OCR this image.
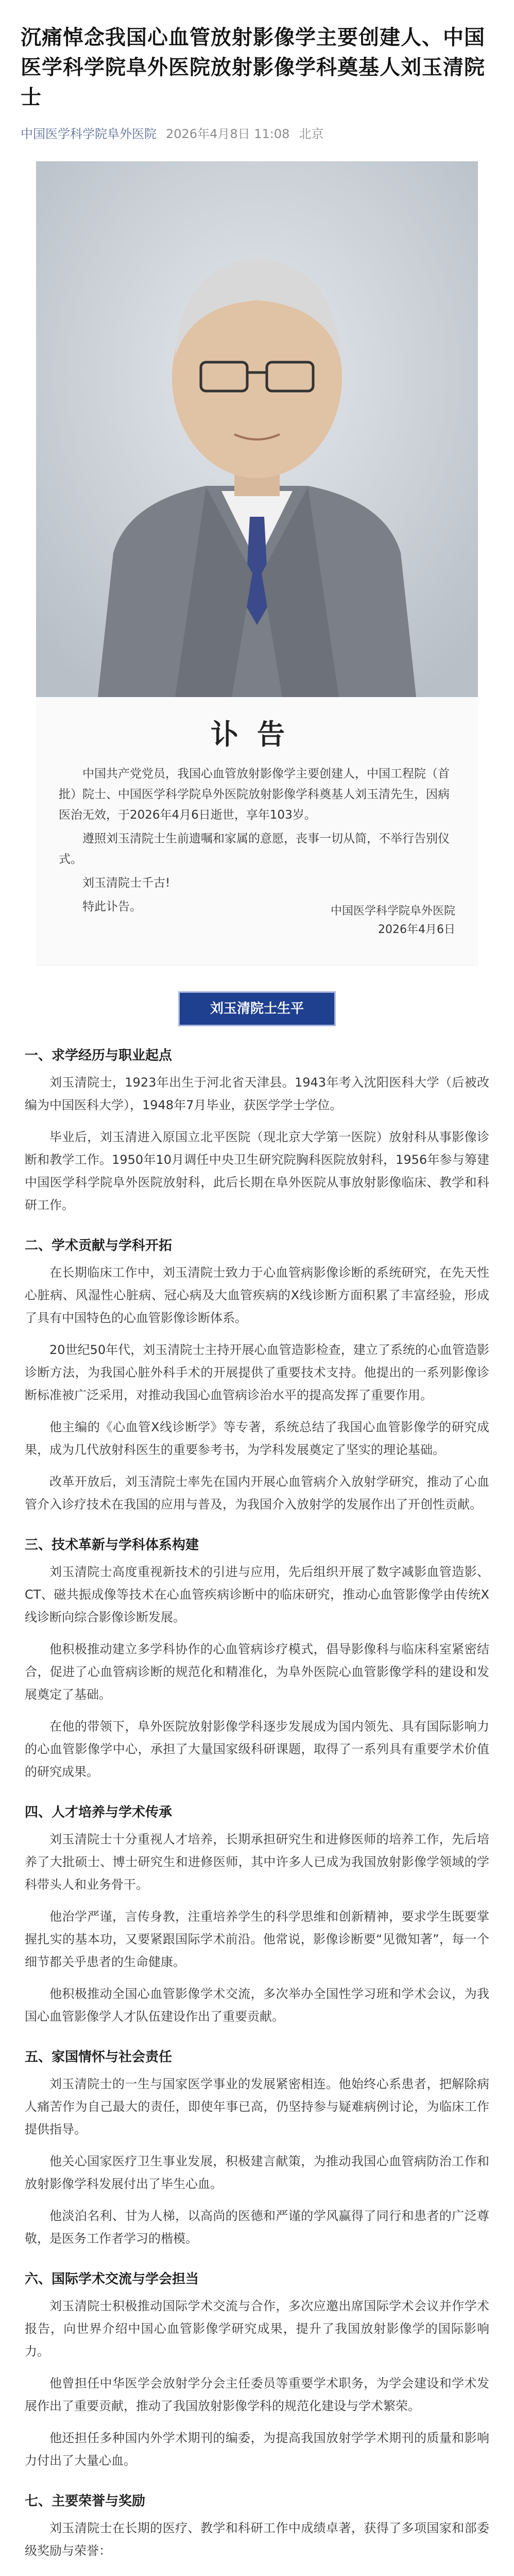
沉痛悼念我国心血管放射影像学主要创建人、中国医学科学院阜外医院放射影像学科奠基人刘玉清院士
中国医学科学院阜外医院 2026年4月8日 11:08 北京
讣告

中国共产党党员，我国心血管放射影像学主要创建人，中国工程院（首批）院士、中国医学科学院阜外医院放射影像学科奠基人刘玉清先生，因病医治无效，于2026年4月6日逝世，享年103岁。

遵照刘玉清院士生前遗嘱和家属的意愿，丧事一切从简，不举行告别仪式。

刘玉清院士千古!

特此讣告。	中国医学科学院阜外医院
2026年4月6日
刘玉清院士生平
一、求学经历与职业起点

刘玉清院士，1923年出生于河北省天津县。1943年考入沈阳医科大学（后被改编为中国医科大学），1948年7月毕业，获医学学士学位。

毕业后，刘玉清进入原国立北平医院（现北京大学第一医院）放射科从事影像诊断和教学工作。1950年10月调任中央卫生研究院胸科医院放射科，1956年参与筹建中国医学科学院阜外医院放射科，此后长期在阜外医院从事放射影像临床、教学和科研工作。

二、学术贡献与学科开拓

在长期临床工作中，刘玉清院士致力于心血管病影像诊断的系统研究，在先天性心脏病、风湿性心脏病、冠心病及大血管疾病的X线诊断方面积累了丰富经验，形成了具有中国特色的心血管影像诊断体系。

20世纪50年代，刘玉清院士主持开展心血管造影检查，建立了系统的心血管造影诊断方法，为我国心脏外科手术的开展提供了重要技术支持。他提出的一系列影像诊断标准被广泛采用，对推动我国心血管病诊治水平的提高发挥了重要作用。

他主编的《心血管X线诊断学》等专著，系统总结了我国心血管影像学的研究成果，成为几代放射科医生的重要参考书，为学科发展奠定了坚实的理论基础。

改革开放后，刘玉清院士率先在国内开展心血管病介入放射学研究，推动了心血管介入诊疗技术在我国的应用与普及，为我国介入放射学的发展作出了开创性贡献。

三、技术革新与学科体系构建

刘玉清院士高度重视新技术的引进与应用，先后组织开展了数字减影血管造影、CT、磁共振成像等技术在心血管疾病诊断中的临床研究，推动心血管影像学由传统X线诊断向综合影像诊断发展。

他积极推动建立多学科协作的心血管病诊疗模式，倡导影像科与临床科室紧密结合，促进了心血管病诊断的规范化和精准化，为阜外医院心血管影像学科的建设和发展奠定了基础。

在他的带领下，阜外医院放射影像学科逐步发展成为国内领先、具有国际影响力的心血管影像学中心，承担了大量国家级科研课题，取得了一系列具有重要学术价值的研究成果。

四、人才培养与学术传承

刘玉清院士十分重视人才培养，长期承担研究生和进修医师的培养工作，先后培养了大批硕士、博士研究生和进修医师，其中许多人已成为我国放射影像学领域的学科带头人和业务骨干。

他治学严谨，言传身教，注重培养学生的科学思维和创新精神，要求学生既要掌握扎实的基本功，又要紧跟国际学术前沿。他常说，影像诊断要“见微知著”，每一个细节都关乎患者的生命健康。

他积极推动全国心血管影像学术交流，多次举办全国性学习班和学术会议，为我国心血管影像学人才队伍建设作出了重要贡献。

五、家国情怀与社会责任

刘玉清院士的一生与国家医学事业的发展紧密相连。他始终心系患者，把解除病人痛苦作为自己最大的责任，即使年事已高，仍坚持参与疑难病例讨论，为临床工作提供指导。

他关心国家医疗卫生事业发展，积极建言献策，为推动我国心血管病防治工作和放射影像学科发展付出了毕生心血。

他淡泊名利、甘为人梯，以高尚的医德和严谨的学风赢得了同行和患者的广泛尊敬，是医务工作者学习的楷模。

六、国际学术交流与学会担当

刘玉清院士积极推动国际学术交流与合作，多次应邀出席国际学术会议并作学术报告，向世界介绍中国心血管影像学研究成果，提升了我国放射影像学的国际影响力。

他曾担任中华医学会放射学分会主任委员等重要学术职务，为学会建设和学术发展作出了重要贡献，推动了我国放射影像学科的规范化建设与学术繁荣。

他还担任多种国内外学术期刊的编委，为提高我国放射学学术期刊的质量和影响力付出了大量心血。

七、主要荣誉与奖励

刘玉清院士在长期的医疗、教学和科研工作中成绩卓著，获得了多项国家和部委级奖励与荣誉：
